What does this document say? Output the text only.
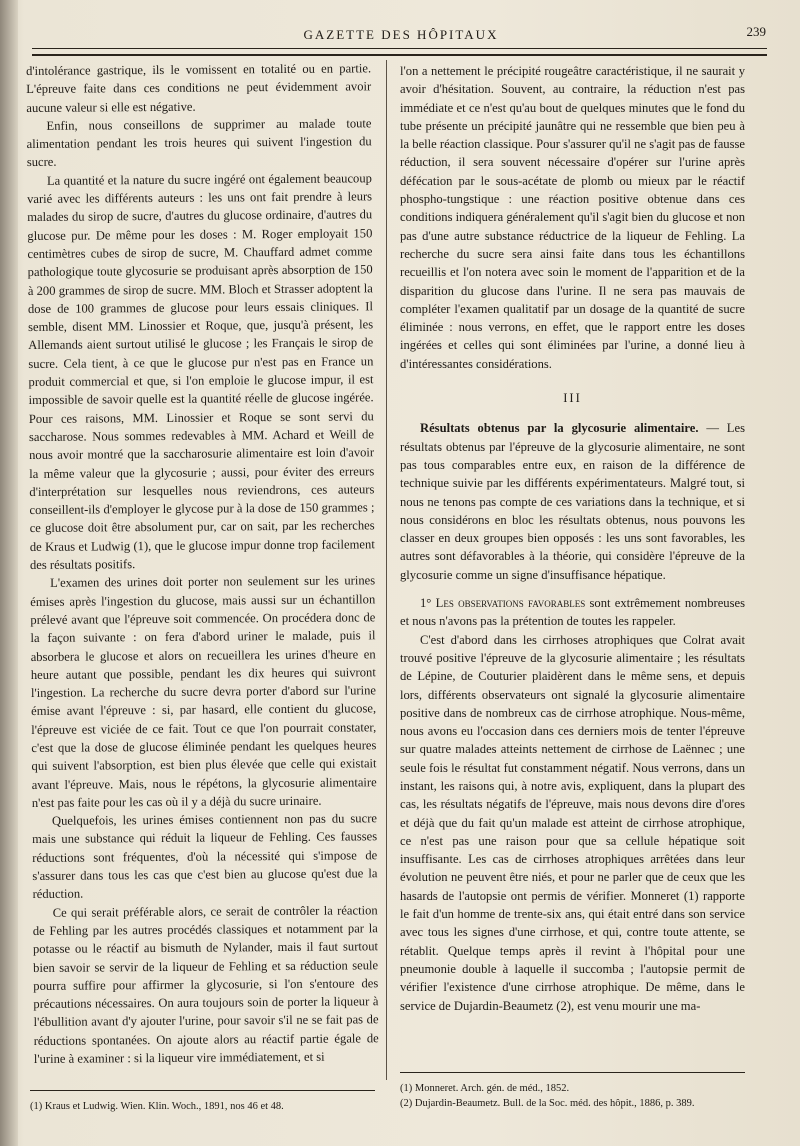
GAZETTE DES HÔPITAUX	239

d'intolérance gastrique, ils le vomissent en totalité ou en partie. L'épreuve faite dans ces conditions ne peut évidemment avoir aucune valeur si elle est négative.

Enfin, nous conseillons de supprimer au malade toute alimentation pendant les trois heures qui suivent l'ingestion du sucre.

La quantité et la nature du sucre ingéré ont également beaucoup varié avec les différents auteurs : les uns ont fait prendre à leurs malades du sirop de sucre, d'autres du glucose ordinaire, d'autres du glucose pur. De même pour les doses : M. Roger employait 150 centimètres cubes de sirop de sucre, M. Chauffard admet comme pathologique toute glycosurie se produisant après absorption de 150 à 200 grammes de sirop de sucre. MM. Bloch et Strasser adoptent la dose de 100 grammes de glucose pour leurs essais cliniques. Il semble, disent MM. Linossier et Roque, que, jusqu'à présent, les Allemands aient surtout utilisé le glucose ; les Français le sirop de sucre. Cela tient, à ce que le glucose pur n'est pas en France un produit commercial et que, si l'on emploie le glucose impur, il est impossible de savoir quelle est la quantité réelle de glucose ingérée. Pour ces raisons, MM. Linossier et Roque se sont servi du saccharose. Nous sommes redevables à MM. Achard et Weill de nous avoir montré que la saccharosurie alimentaire est loin d'avoir la même valeur que la glycosurie ; aussi, pour éviter des erreurs d'interprétation sur lesquelles nous reviendrons, ces auteurs conseillent-ils d'employer le glycose pur à la dose de 150 grammes ; ce glucose doit être absolument pur, car on sait, par les recherches de Kraus et Ludwig (1), que le glucose impur donne trop facilement des résultats positifs.

L'examen des urines doit porter non seulement sur les urines émises après l'ingestion du glucose, mais aussi sur un échantillon prélevé avant que l'épreuve soit commencée. On procédera donc de la façon suivante : on fera d'abord uriner le malade, puis il absorbera le glucose et alors on recueillera les urines d'heure en heure autant que possible, pendant les dix heures qui suivront l'ingestion. La recherche du sucre devra porter d'abord sur l'urine émise avant l'épreuve : si, par hasard, elle contient du glucose, l'épreuve est viciée de ce fait. Tout ce que l'on pourrait constater, c'est que la dose de glucose éliminée pendant les quelques heures qui suivent l'absorption, est bien plus élevée que celle qui existait avant l'épreuve. Mais, nous le répétons, la glycosurie alimentaire n'est pas faite pour les cas où il y a déjà du sucre urinaire.

Quelquefois, les urines émises contiennent non pas du sucre mais une substance qui réduit la liqueur de Fehling. Ces fausses réductions sont fréquentes, d'où la nécessité qui s'impose de s'assurer dans tous les cas que c'est bien au glucose qu'est due la réduction.

Ce qui serait préférable alors, ce serait de contrôler la réaction de Fehling par les autres procédés classiques et notamment par la potasse ou le réactif au bismuth de Nylander, mais il faut surtout bien savoir se servir de la liqueur de Fehling et sa réduction seule pourra suffire pour affirmer la glycosurie, si l'on s'entoure des précautions nécessaires. On aura toujours soin de porter la liqueur à l'ébullition avant d'y ajouter l'urine, pour savoir s'il ne se fait pas de réductions spontanées. On ajoute alors au réactif partie égale de l'urine à examiner : si la liqueur vire immédiatement, et si

l'on a nettement le précipité rougeâtre caractéristique, il ne saurait y avoir d'hésitation. Souvent, au contraire, la réduction n'est pas immédiate et ce n'est qu'au bout de quelques minutes que le fond du tube présente un précipité jaunâtre qui ne ressemble que bien peu à la belle réaction classique. Pour s'assurer qu'il ne s'agit pas de fausse réduction, il sera souvent nécessaire d'opérer sur l'urine après défécation par le sous-acétate de plomb ou mieux par le réactif phospho-tungstique : une réaction positive obtenue dans ces conditions indiquera généralement qu'il s'agit bien du glucose et non pas d'une autre substance réductrice de la liqueur de Fehling. La recherche du sucre sera ainsi faite dans tous les échantillons recueillis et l'on notera avec soin le moment de l'apparition et de la disparition du glucose dans l'urine. Il ne sera pas mauvais de compléter l'examen qualitatif par un dosage de la quantité de sucre éliminée : nous verrons, en effet, que le rapport entre les doses ingérées et celles qui sont éliminées par l'urine, a donné lieu à d'intéressantes considérations.

III

Résultats obtenus par la glycosurie alimentaire. — Les résultats obtenus par l'épreuve de la glycosurie alimentaire, ne sont pas tous comparables entre eux, en raison de la différence de technique suivie par les différents expérimentateurs. Malgré tout, si nous ne tenons pas compte de ces variations dans la technique, et si nous considérons en bloc les résultats obtenus, nous pouvons les classer en deux groupes bien opposés : les uns sont favorables, les autres sont défavorables à la théorie, qui considère l'épreuve de la glycosurie comme un signe d'insuffisance hépatique.

1° Les observations favorables sont extrêmement nombreuses et nous n'avons pas la prétention de toutes les rappeler.

C'est d'abord dans les cirrhoses atrophiques que Colrat avait trouvé positive l'épreuve de la glycosurie alimentaire ; les résultats de Lépine, de Couturier plaidèrent dans le même sens, et depuis lors, différents observateurs ont signalé la glycosurie alimentaire positive dans de nombreux cas de cirrhose atrophique. Nous-même, nous avons eu l'occasion dans ces derniers mois de tenter l'épreuve sur quatre malades atteints nettement de cirrhose de Laënnec ; une seule fois le résultat fut constamment négatif. Nous verrons, dans un instant, les raisons qui, à notre avis, expliquent, dans la plupart des cas, les résultats négatifs de l'épreuve, mais nous devons dire d'ores et déjà que du fait qu'un malade est atteint de cirrhose atrophique, ce n'est pas une raison pour que sa cellule hépatique soit insuffisante. Les cas de cirrhoses atrophiques arrêtées dans leur évolution ne peuvent être niés, et pour ne parler que de ceux que les hasards de l'autopsie ont permis de vérifier. Monneret (1) rapporte le fait d'un homme de trente-six ans, qui était entré dans son service avec tous les signes d'une cirrhose, et qui, contre toute attente, se rétablit. Quelque temps après il revint à l'hôpital pour une pneumonie double à laquelle il succomba ; l'autopsie permit de vérifier l'existence d'une cirrhose atrophique. De même, dans le service de Dujardin-Beaumetz (2), est venu mourir une ma-

(1) Kraus et Ludwig. Wien. Klin. Woch., 1891, nos 46 et 48.

(1) Monneret. Arch. gén. de méd., 1852.

(2) Dujardin-Beaumetz. Bull. de la Soc. méd. des hôpit., 1886, p. 389.
